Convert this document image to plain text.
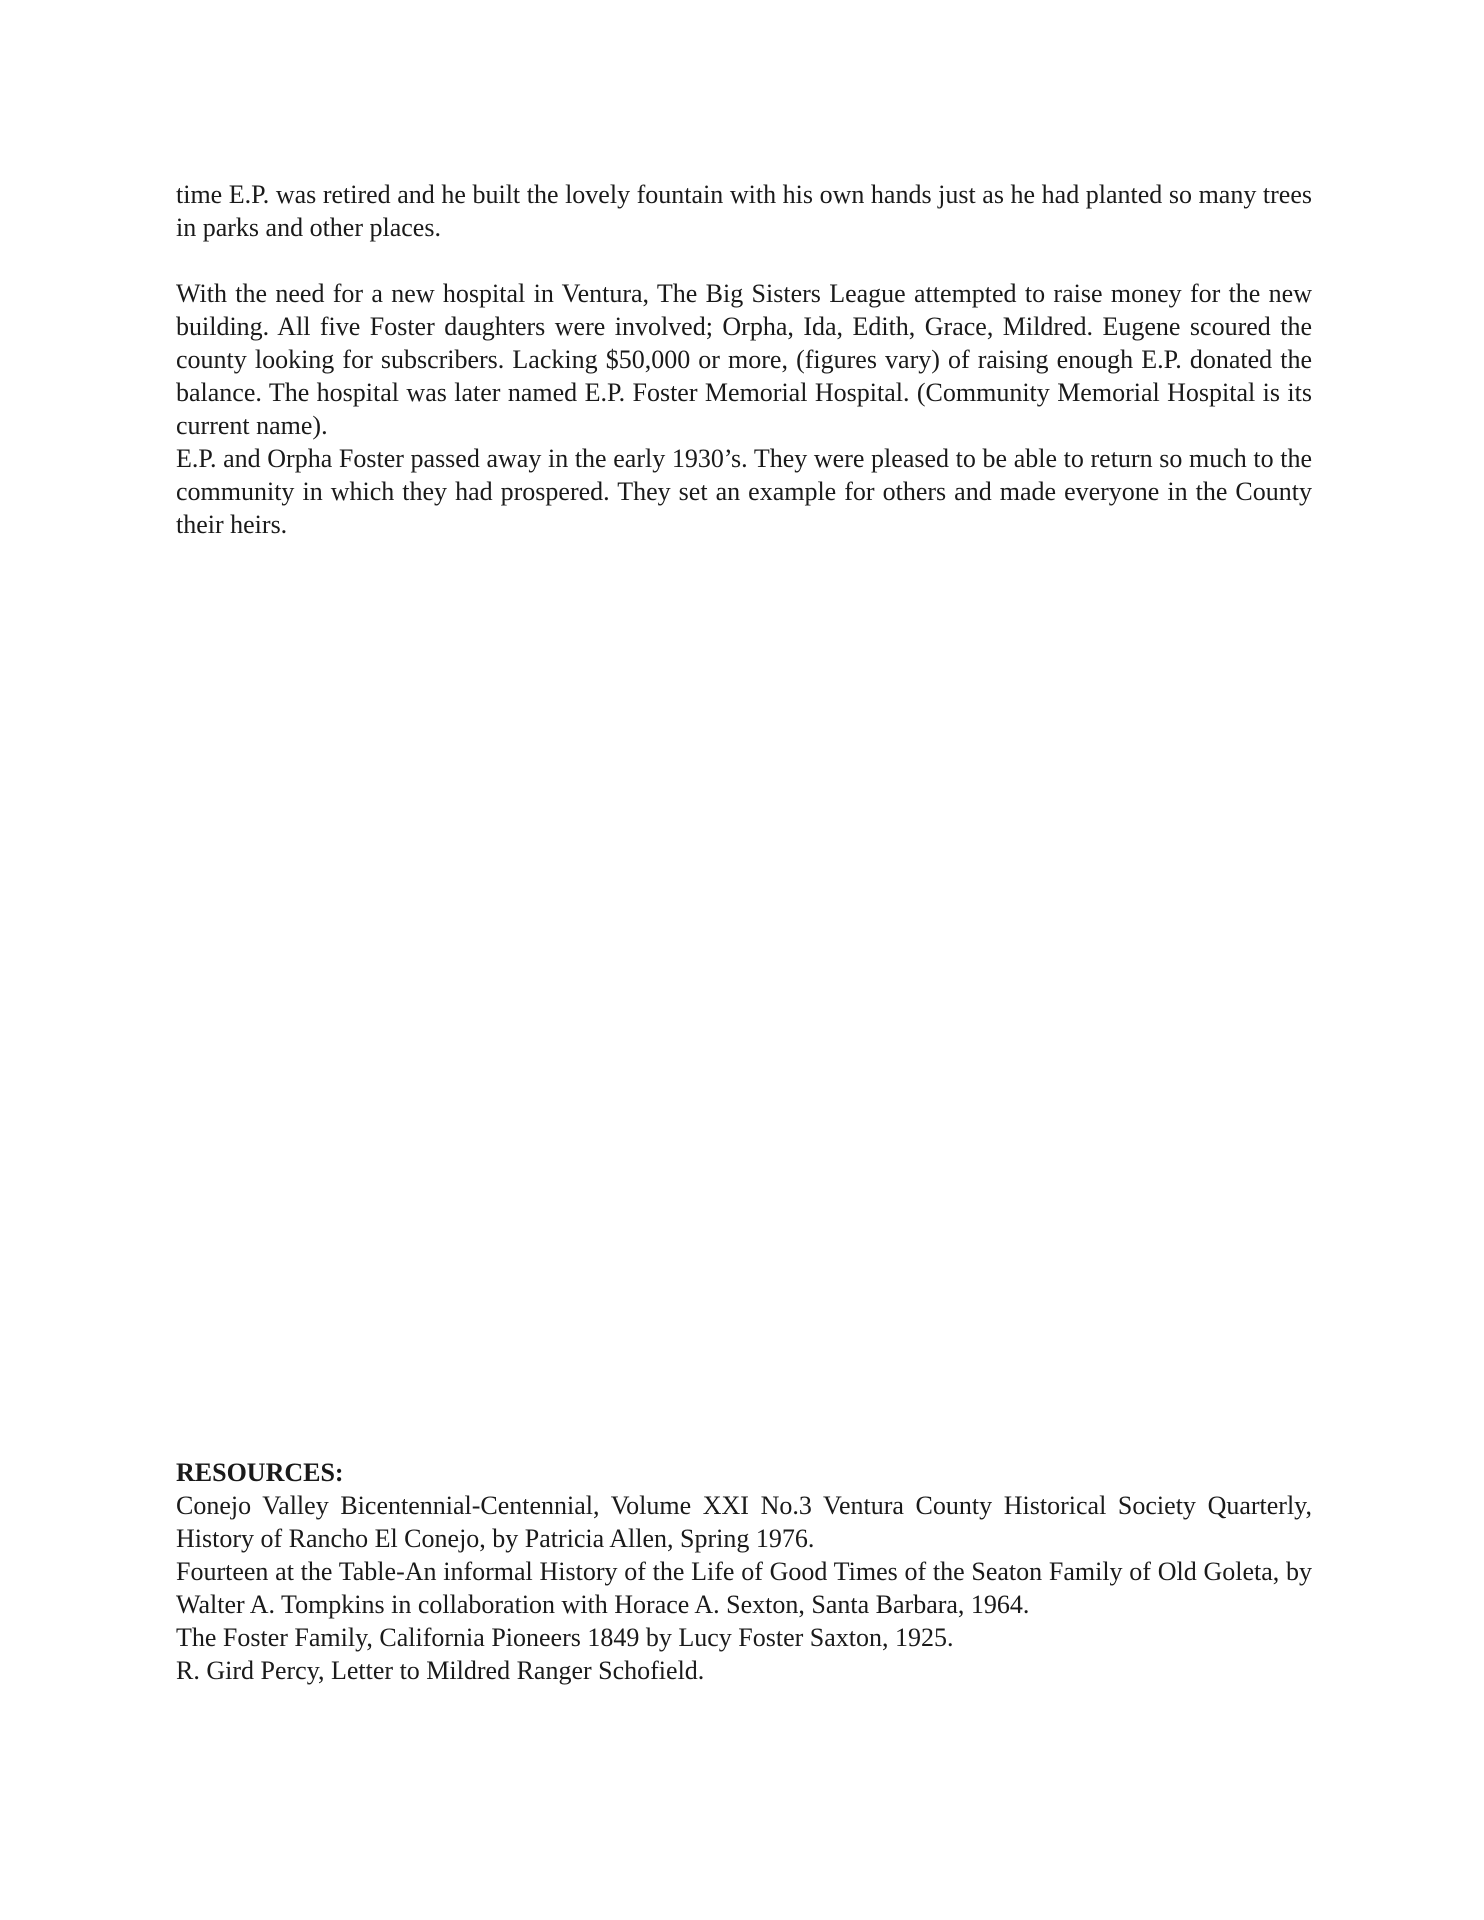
time E.P. was retired and he built the lovely fountain with his own hands just as he had planted so many trees in parks and other places.

With the need for a new hospital in Ventura, The Big Sisters League attempted to raise money for the new building. All five Foster daughters were involved; Orpha, Ida, Edith, Grace, Mildred. Eugene scoured the county looking for subscribers. Lacking $50,000 or more, (figures vary) of raising enough E.P. donated the balance. The hospital was later named E.P. Foster Memorial Hospital. (Community Memorial Hospital is its current name).

E.P. and Orpha Foster passed away in the early 1930’s. They were pleased to be able to return so much to the community in which they had prospered. They set an example for others and made everyone in the County their heirs.

RESOURCES:

Conejo Valley Bicentennial-Centennial, Volume XXI No.3 Ventura County Historical Society Quarterly, History of Rancho El Conejo, by Patricia Allen, Spring 1976.

Fourteen at the Table-An informal History of the Life of Good Times of the Seaton Family of Old Goleta, by Walter A. Tompkins in collaboration with Horace A. Sexton, Santa Barbara, 1964.

The Foster Family, California Pioneers 1849 by Lucy Foster Saxton, 1925.

R. Gird Percy, Letter to Mildred Ranger Schofield.
